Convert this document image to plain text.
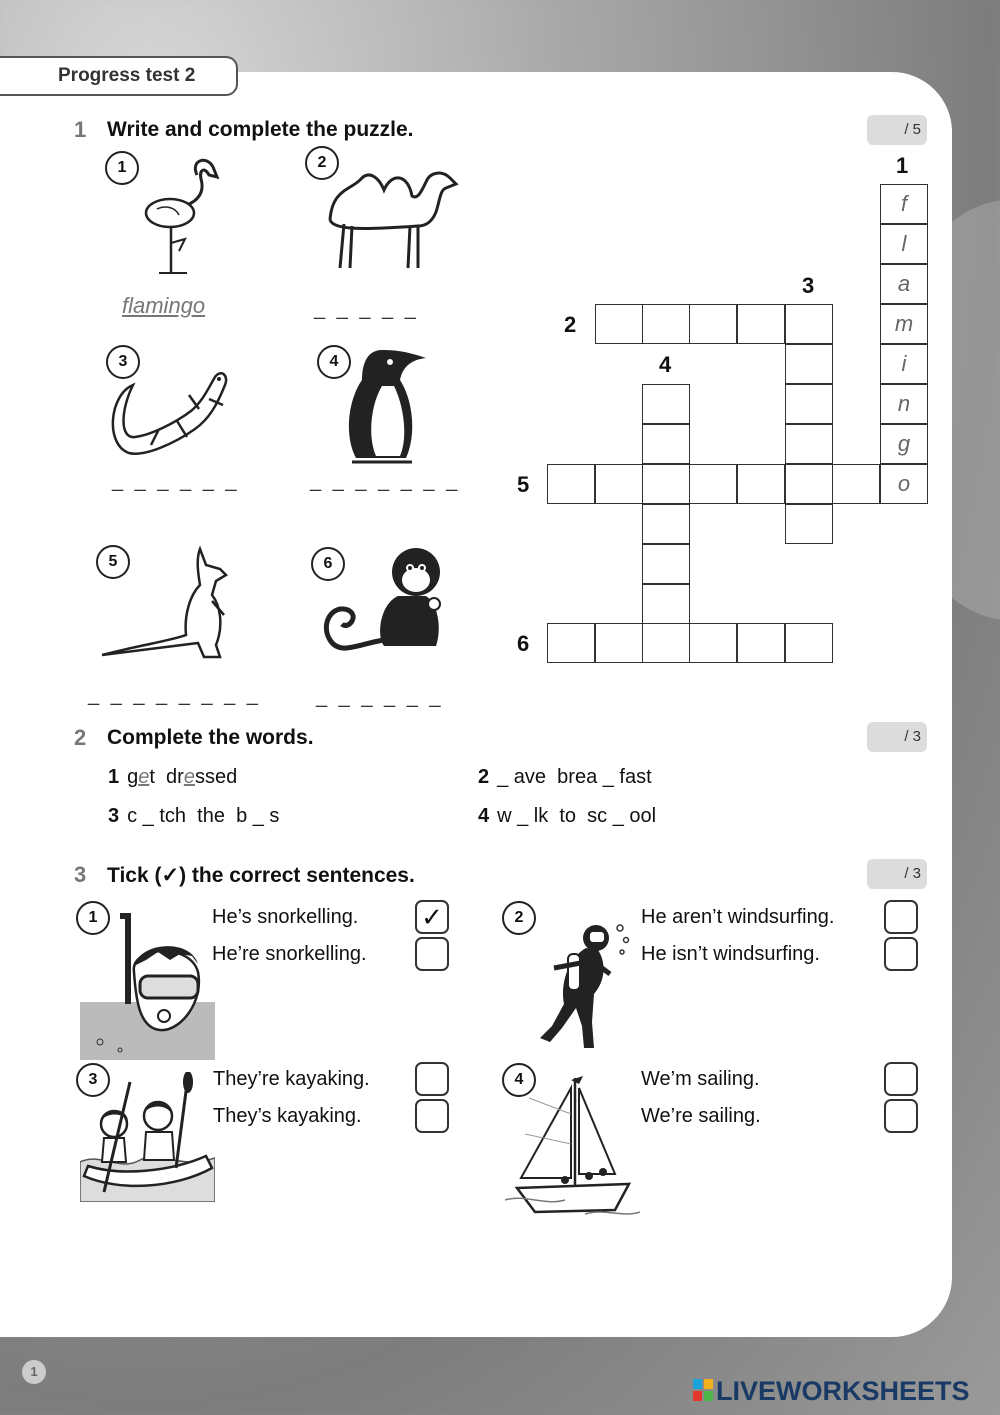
Progress test 2
1 Write and complete the puzzle.	/ 5
1
flamingo
2
_ _ _ _ _
3
_ _ _ _ _ _
4
_ _ _ _ _ _ _
5
_ _ _ _ _ _ _ _
6
_ _ _ _ _ _
1
2
3
4
5
6
f
l
a
m
i
n
g
o
2 Complete the words.	/ 3
1 get  dressed	2 _ ave  brea _ fast
3 c _ tch  the  b _ s	4 w _ lk  to  sc _ ool
3 Tick (✓) the correct sentences.	/ 3
1	He’s snorkelling.
He’re snorkelling.
✓	2	He aren’t windsurfing.
He isn’t windsurfing.
3	They’re kayaking.
They’s kayaking.
4	We’m sailing.
We’re sailing.
1
LIVEWORKSHEETS
